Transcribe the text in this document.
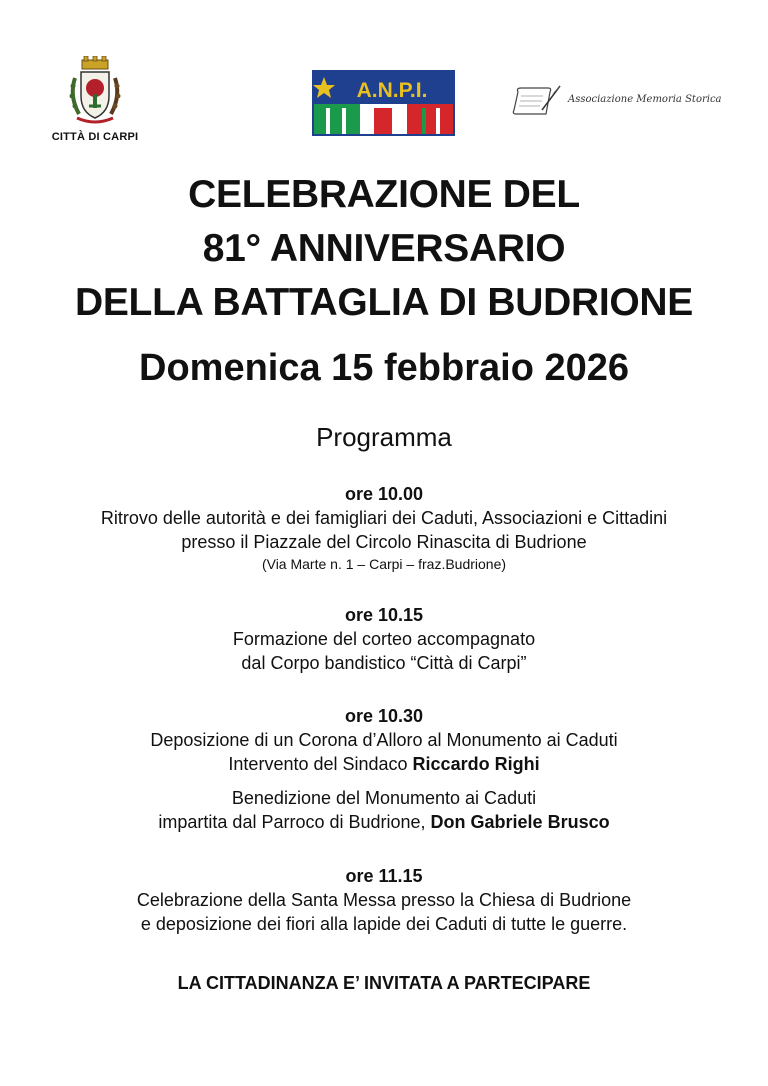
CITTÀ DI CARPI
A.N.P.I.	Associazione Memoria Storica
CELEBRAZIONE DEL
81° ANNIVERSARIO
DELLA BATTAGLIA DI BUDRIONE
Domenica 15 febbraio 2026
Programma
ore 10.00
Ritrovo delle autorità e dei famigliari dei Caduti, Associazioni e Cittadini
presso il Piazzale del Circolo Rinascita di Budrione
(Via Marte n. 1 – Carpi – fraz.Budrione)
ore 10.15
Formazione del corteo accompagnato
dal Corpo bandistico “Città di Carpi”
ore 10.30
Deposizione di un Corona d’Alloro al Monumento ai Caduti
Intervento del Sindaco Riccardo Righi
Benedizione del Monumento ai Caduti
impartita dal Parroco di Budrione, Don Gabriele Brusco
ore 11.15
Celebrazione della Santa Messa presso la Chiesa di Budrione
e deposizione dei fiori alla lapide dei Caduti di tutte le guerre.
LA CITTADINANZA E’ INVITATA A PARTECIPARE
